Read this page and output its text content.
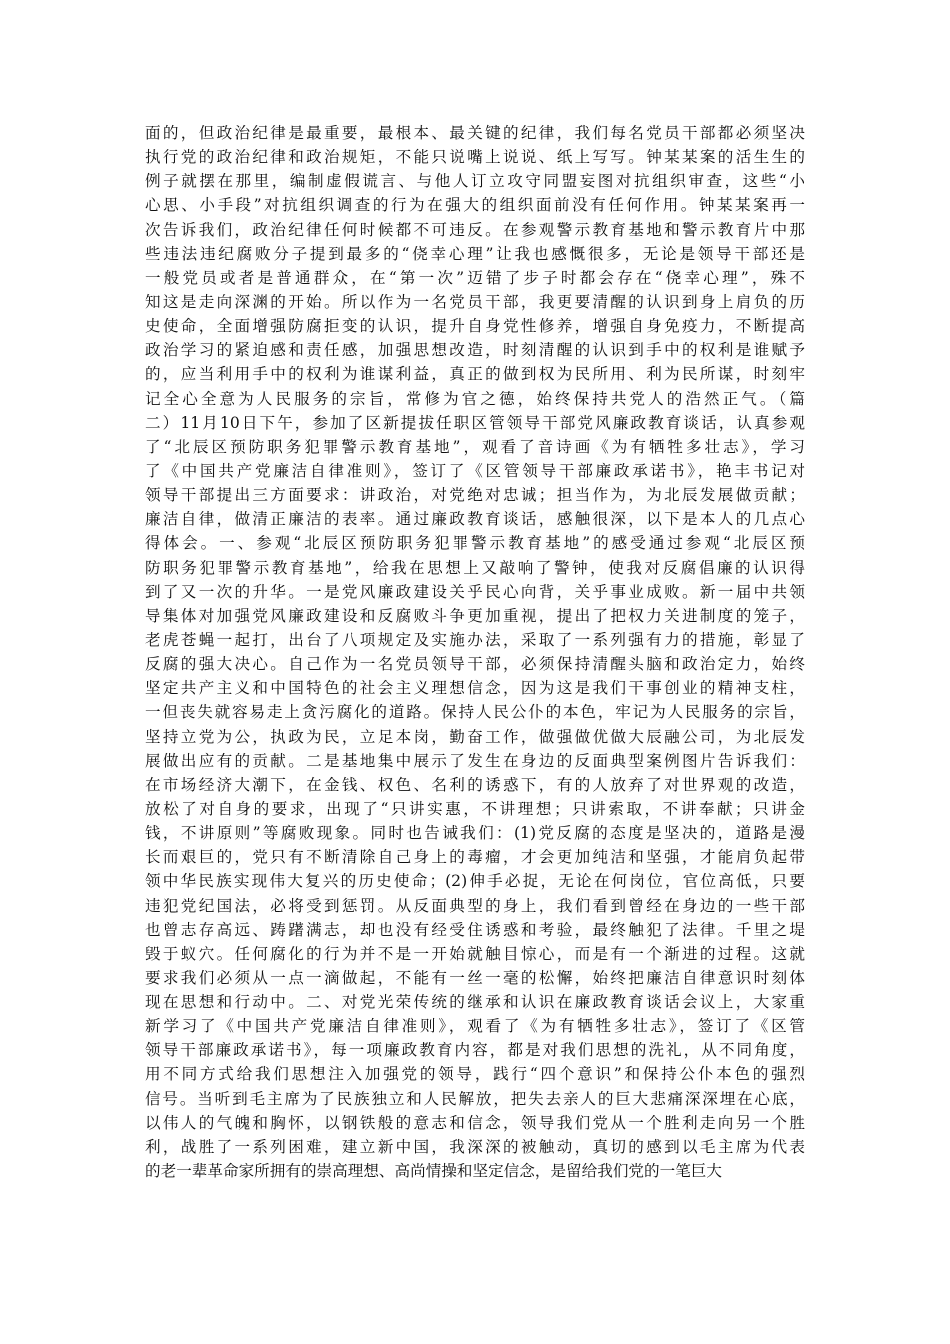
面的，但政治纪律是最重要，最根本、最关键的纪律，我们每名党员干部都必须坚决
执行党的政治纪律和政治规矩，不能只说嘴上说说、纸上写写。钟某某案的活生生的
例子就摆在那里，编制虚假谎言、与他人订立攻守同盟妄图对抗组织审查，这些“小
心思、小手段”对抗组织调查的行为在强大的组织面前没有任何作用。钟某某案再一
次告诉我们，政治纪律任何时候都不可违反。在参观警示教育基地和警示教育片中那
些违法违纪腐败分子提到最多的“侥幸心理”让我也感慨很多，无论是领导干部还是
一般党员或者是普通群众，在“第一次”迈错了步子时都会存在“侥幸心理”，殊不
知这是走向深渊的开始。所以作为一名党员干部，我更要清醒的认识到身上肩负的历
史使命，全面增强防腐拒变的认识，提升自身党性修养，增强自身免疫力，不断提高
政治学习的紧迫感和责任感，加强思想改造，时刻清醒的认识到手中的权利是谁赋予
的，应当利用手中的权利为谁谋利益，真正的做到权为民所用、利为民所谋，时刻牢
记全心全意为人民服务的宗旨，常修为官之德，始终保持共党人的浩然正气。（篇
二）11月10日下午，参加了区新提拔任职区管领导干部党风廉政教育谈话，认真参观
了“北辰区预防职务犯罪警示教育基地”，观看了音诗画《为有牺牲多壮志》，学习
了《中国共产党廉洁自律准则》，签订了《区管领导干部廉政承诺书》，艳丰书记对
领导干部提出三方面要求：讲政治，对党绝对忠诚；担当作为，为北辰发展做贡献；
廉洁自律，做清正廉洁的表率。通过廉政教育谈话，感触很深，以下是本人的几点心
得体会。一、参观“北辰区预防职务犯罪警示教育基地”的感受通过参观“北辰区预
防职务犯罪警示教育基地”，给我在思想上又敲响了警钟，使我对反腐倡廉的认识得
到了又一次的升华。一是党风廉政建设关乎民心向背，关乎事业成败。新一届中共领
导集体对加强党风廉政建设和反腐败斗争更加重视，提出了把权力关进制度的笼子，
老虎苍蝇一起打，出台了八项规定及实施办法，采取了一系列强有力的措施，彰显了
反腐的强大决心。自己作为一名党员领导干部，必须保持清醒头脑和政治定力，始终
坚定共产主义和中国特色的社会主义理想信念，因为这是我们干事创业的精神支柱，
一但丧失就容易走上贪污腐化的道路。保持人民公仆的本色，牢记为人民服务的宗旨，
坚持立党为公，执政为民，立足本岗，勤奋工作，做强做优做大辰融公司，为北辰发
展做出应有的贡献。二是基地集中展示了发生在身边的反面典型案例图片告诉我们：
在市场经济大潮下，在金钱、权色、名利的诱惑下，有的人放弃了对世界观的改造，
放松了对自身的要求，出现了“只讲实惠，不讲理想；只讲索取，不讲奉献；只讲金
钱，不讲原则”等腐败现象。同时也告诫我们：(1)党反腐的态度是坚决的，道路是漫
长而艰巨的，党只有不断清除自己身上的毒瘤，才会更加纯洁和坚强，才能肩负起带
领中华民族实现伟大复兴的历史使命；(2)伸手必捉，无论在何岗位，官位高低，只要
违犯党纪国法，必将受到惩罚。从反面典型的身上，我们看到曾经在身边的一些干部
也曾志存高远、踌躇满志，却也没有经受住诱惑和考验，最终触犯了法律。千里之堤
毁于蚁穴。任何腐化的行为并不是一开始就触目惊心，而是有一个渐进的过程。这就
要求我们必须从一点一滴做起，不能有一丝一毫的松懈，始终把廉洁自律意识时刻体
现在思想和行动中。二、对党光荣传统的继承和认识在廉政教育谈话会议上，大家重
新学习了《中国共产党廉洁自律准则》，观看了《为有牺牲多壮志》，签订了《区管
领导干部廉政承诺书》，每一项廉政教育内容，都是对我们思想的洗礼，从不同角度，
用不同方式给我们思想注入加强党的领导，践行“四个意识”和保持公仆本色的强烈
信号。当听到毛主席为了民族独立和人民解放，把失去亲人的巨大悲痛深深埋在心底，
以伟人的气魄和胸怀，以钢铁般的意志和信念，领导我们党从一个胜利走向另一个胜
利，战胜了一系列困难，建立新中国，我深深的被触动，真切的感到以毛主席为代表
的老一辈革命家所拥有的崇高理想、高尚情操和坚定信念，是留给我们党的一笔巨大
